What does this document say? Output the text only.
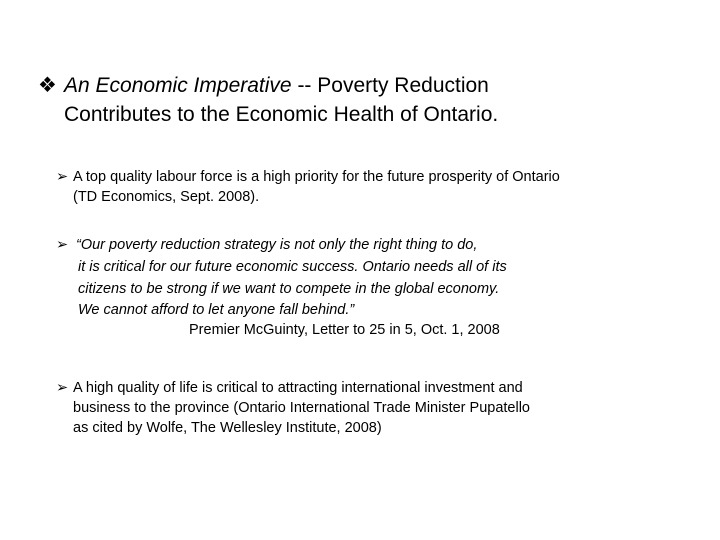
❖ An Economic Imperative -- Poverty Reduction
Contributes to the Economic Health of Ontario.
➢ A top quality labour force is a high priority for the future prosperity of Ontario
(TD Economics, Sept. 2008).
➢ “Our poverty reduction strategy is not only the right thing to do,
it is critical for our future economic success. Ontario needs all of its
citizens to be strong if we want to compete in the global economy.
We cannot afford to let anyone fall behind.”
Premier McGuinty, Letter to 25 in 5, Oct. 1, 2008
➢ A high quality of life is critical to attracting international investment and
business to the province (Ontario International Trade Minister Pupatello
as cited by Wolfe, The Wellesley Institute, 2008)
